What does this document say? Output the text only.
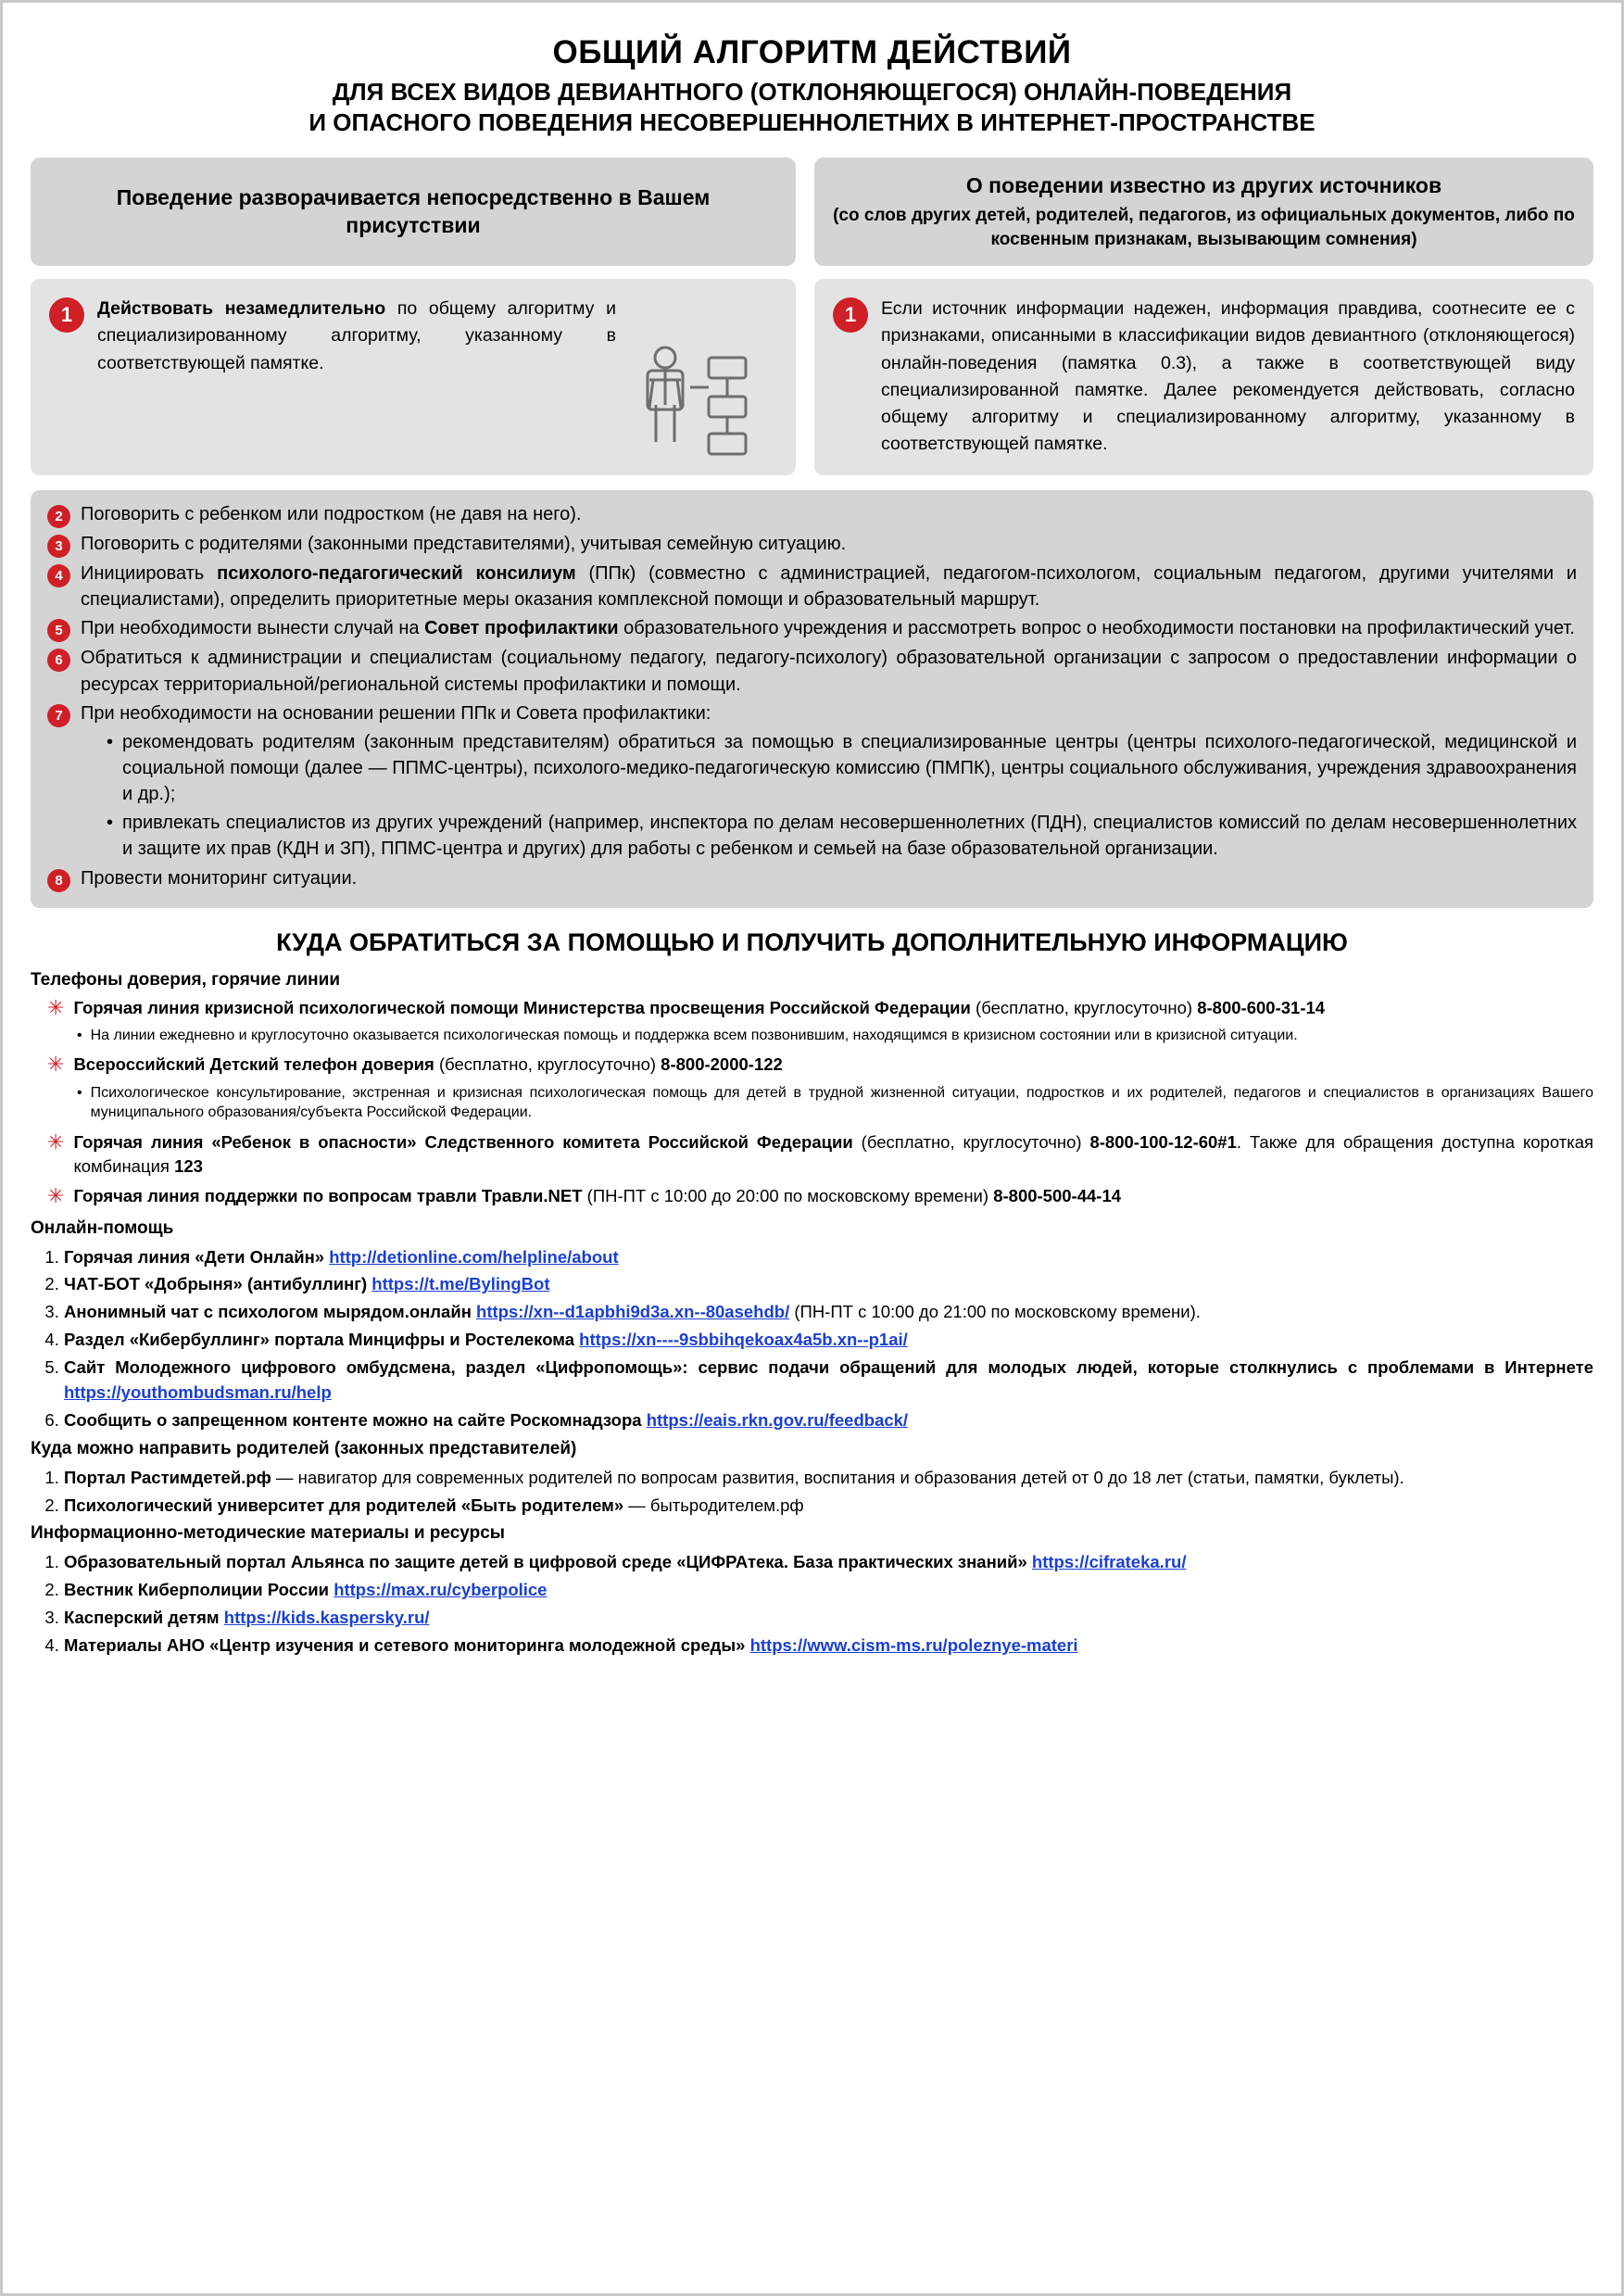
ОБЩИЙ АЛГОРИТМ ДЕЙСТВИЙ
ДЛЯ ВСЕХ ВИДОВ ДЕВИАНТНОГО (ОТКЛОНЯЮЩЕГОСЯ) ОНЛАЙН-ПОВЕДЕНИЯ
И ОПАСНОГО ПОВЕДЕНИЯ НЕСОВЕРШЕННОЛЕТНИХ В ИНТЕРНЕТ-ПРОСТРАНСТВЕ
Поведение разворачивается непосредственно в Вашем присутствии
О поведении известно из других источников
(со слов других детей, родителей, педагогов, из официальных документов, либо по косвенным признакам, вызывающим сомнения)
1	Действовать незамедлительно по общему алгоритму и специализированному алгоритму, указанному в соответствующей памятке.
1	Если источник информации надежен, информация правдива, соотнесите ее с признаками, описанными в классификации видов девиантного (отклоняющегося) онлайн-поведения (памятка 0.3), а также в соответствующей виду специализированной памятке. Далее рекомендуется действовать, согласно общему алгоритму и специализированному алгоритму, указанному в соответствующей памятке.
2 Поговорить с ребенком или подростком (не давя на него).
3 Поговорить с родителями (законными представителями), учитывая семейную ситуацию.
4 Инициировать психолого-педагогический консилиум (ППк) (совместно с администрацией, педагогом-психологом, социальным педагогом, другими учителями и специалистами), определить приоритетные меры оказания комплексной помощи и образовательный маршрут.
5 При необходимости вынести случай на Совет профилактики образовательного учреждения и рассмотреть вопрос о необходимости постановки на профилактический учет.
6 Обратиться к администрации и специалистам (социальному педагогу, педагогу-психологу) образовательной организации с запросом о предоставлении информации о ресурсах территориальной/региональной системы профилактики и помощи.
7 При необходимости на основании решении ППк и Совета профилактики:
• рекомендовать родителям (законным представителям) обратиться за помощью в специализированные центры (центры психолого-педагогической, медицинской и социальной помощи (далее — ППМС-центры), психолого-медико-педагогическую комиссию (ПМПК), центры социального обслуживания, учреждения здравоохранения и др.);
• привлекать специалистов из других учреждений (например, инспектора по делам несовершеннолетних (ПДН), специалистов комиссий по делам несовершеннолетних и защите их прав (КДН и ЗП), ППМС-центра и других) для работы с ребенком и семьей на базе образовательной организации.
8 Провести мониторинг ситуации.
КУДА ОБРАТИТЬСЯ ЗА ПОМОЩЬЮ И ПОЛУЧИТЬ ДОПОЛНИТЕЛЬНУЮ ИНФОРМАЦИЮ
Телефоны доверия, горячие линии
✳ Горячая линия кризисной психологической помощи Министерства просвещения Российской Федерации (бесплатно, круглосуточно) 8-800-600-31-14
• На линии ежедневно и круглосуточно оказывается психологическая помощь и поддержка всем позвонившим, находящимся в кризисном состоянии или в кризисной ситуации.
✳ Всероссийский Детский телефон доверия (бесплатно, круглосуточно) 8-800-2000-122
• Психологическое консультирование, экстренная и кризисная психологическая помощь для детей в трудной жизненной ситуации, подростков и их родителей, педагогов и специалистов в организациях Вашего муниципального образования/субъекта Российской Федерации.
✳ Горячая линия «Ребенок в опасности» Следственного комитета Российской Федерации (бесплатно, круглосуточно) 8-800-100-12-60#1. Также для обращения доступна короткая комбинация 123
✳ Горячая линия поддержки по вопросам травли Травли.NET (ПН-ПТ с 10:00 до 20:00 по московскому времени) 8-800-500-44-14
Онлайн-помощь
1. Горячая линия «Дети Онлайн» http://detionline.com/helpline/about
2. ЧАТ-БОТ «Добрыня» (антибуллинг) https://t.me/BylingBot
3. Анонимный чат с психологом мырядом.онлайн https://xn--d1apbhi9d3a.xn--80asehdb/ (ПН-ПТ с 10:00 до 21:00 по московскому времени).
4. Раздел «Кибербуллинг» портала Минцифры и Ростелекома https://xn----9sbbihqekoax4a5b.xn--p1ai/
5. Сайт Молодежного цифрового омбудсмена, раздел «Цифропомощь»: сервис подачи обращений для молодых людей, которые столкнулись с проблемами в Интернете https://youthombudsman.ru/help
6. Сообщить о запрещенном контенте можно на сайте Роскомнадзора https://eais.rkn.gov.ru/feedback/
Куда можно направить родителей (законных представителей)
1. Портал Растимдетей.рф — навигатор для современных родителей по вопросам развития, воспитания и образования детей от 0 до 18 лет (статьи, памятки, буклеты).
2. Психологический университет для родителей «Быть родителем» — бытьродителем.рф
Информационно-методические материалы и ресурсы
1. Образовательный портал Альянса по защите детей в цифровой среде «ЦИФРАтека. База практических знаний» https://cifrateka.ru/
2. Вестник Киберполиции России https://max.ru/cyberpolice
3. Касперский детям https://kids.kaspersky.ru/
4. Материалы АНО «Центр изучения и сетевого мониторинга молодежной среды» https://www.cism-ms.ru/poleznye-materi
